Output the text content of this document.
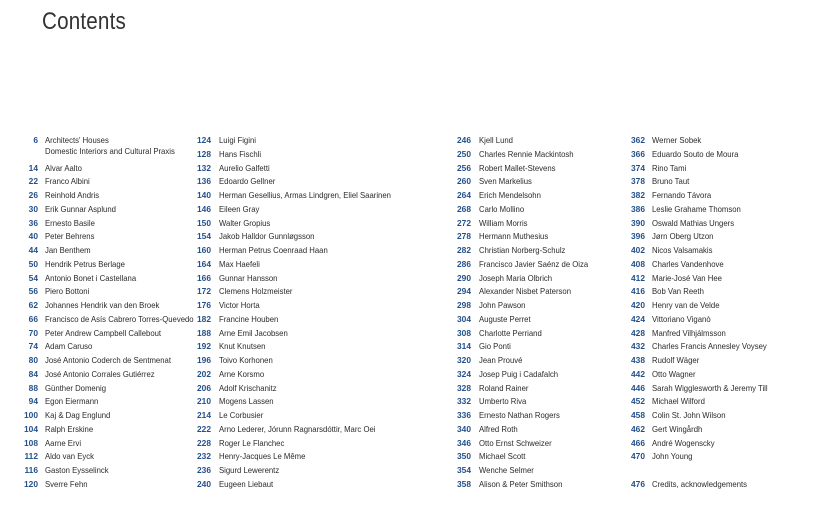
Contents
6 Architects' Houses
Domestic Interiors and Cultural Praxis
14 Alvar Aalto
22 Franco Albini
26 Reinhold Andris
30 Erik Gunnar Asplund
36 Ernesto Basile
40 Peter Behrens
44 Jan Benthem
50 Hendrik Petrus Berlage
54 Antonio Bonet i Castellana
56 Piero Bottoni
62 Johannes Hendrik van den Broek
66 Francisco de Asís Cabrero Torres-Quevedo
70 Peter Andrew Campbell Callebout
74 Adam Caruso
80 José Antonio Coderch de Sentmenat
84 José Antonio Corrales Gutiérrez
88 Günther Domenig
94 Egon Eiermann
100 Kaj & Dag Englund
104 Ralph Erskine
108 Aarne Ervi
112 Aldo van Eyck
116 Gaston Eysselinck
120 Sverre Fehn
124 Luigi Figini
128 Hans Fischli
132 Aurelio Galfetti
136 Edoardo Gellner
140 Herman Gesellius, Armas Lindgren, Eliel Saarinen
146 Eileen Gray
150 Walter Gropius
154 Jakob Halldor Gunnløgsson
160 Herman Petrus Coenraad Haan
164 Max Haefeli
166 Gunnar Hansson
172 Clemens Holzmeister
176 Victor Horta
182 Francine Houben
188 Arne Emil Jacobsen
192 Knut Knutsen
196 Toivo Korhonen
202 Arne Korsmo
206 Adolf Krischanitz
210 Mogens Lassen
214 Le Corbusier
222 Arno Lederer, Jórunn Ragnarsdóttir, Marc Oei
228 Roger Le Flanchec
232 Henry-Jacques Le Même
236 Sigurd Lewerentz
240 Eugeen Liebaut
246 Kjell Lund
250 Charles Rennie Mackintosh
256 Robert Mallet-Stevens
260 Sven Markelius
264 Erich Mendelsohn
268 Carlo Mollino
272 William Morris
278 Hermann Muthesius
282 Christian Norberg-Schulz
286 Francisco Javier Saénz de Oiza
290 Joseph Maria Olbrich
294 Alexander Nisbet Paterson
298 John Pawson
304 Auguste Perret
308 Charlotte Perriand
314 Gio Ponti
320 Jean Prouvé
324 Josep Puig i Cadafalch
328 Roland Rainer
332 Umberto Riva
336 Ernesto Nathan Rogers
340 Alfred Roth
346 Otto Ernst Schweizer
350 Michael Scott
354 Wenche Selmer
358 Alison & Peter Smithson
362 Werner Sobek
366 Eduardo Souto de Moura
374 Rino Tami
378 Bruno Taut
382 Fernando Távora
386 Leslie Grahame Thomson
390 Oswald Mathias Ungers
396 Jørn Oberg Utzon
402 Nicos Valsamakis
408 Charles Vandenhove
412 Marie-José Van Hee
416 Bob Van Reeth
420 Henry van de Velde
424 Vittoriano Viganò
428 Manfred Vilhjálmsson
432 Charles Francis Annesley Voysey
438 Rudolf Wäger
442 Otto Wagner
446 Sarah Wigglesworth & Jeremy Till
452 Michael Wilford
458 Colin St. John Wilson
462 Gert Wingårdh
466 André Wogenscky
470 John Young
476 Credits, acknowledgements
